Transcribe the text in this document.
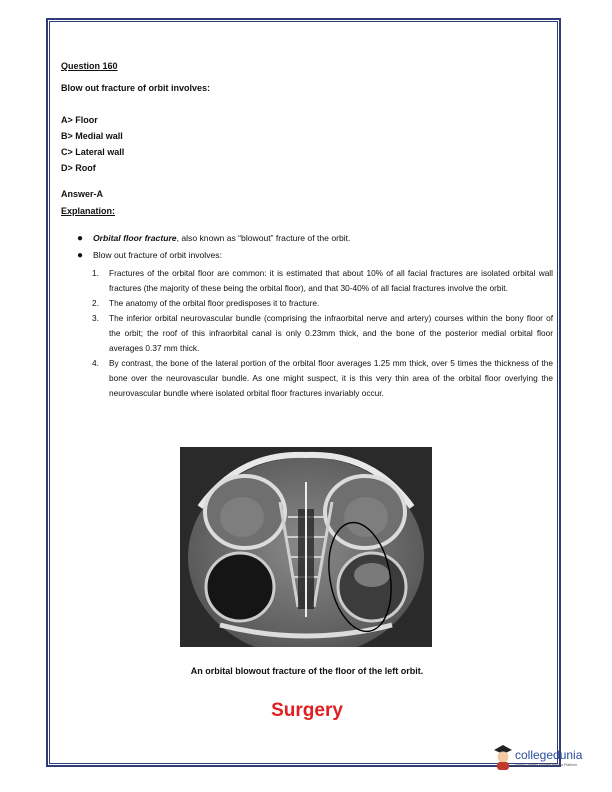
Question 160
Blow out fracture of orbit involves:
A> Floor
B> Medial wall
C> Lateral wall
D> Roof
Answer-A
Explanation:
● Orbital floor fracture, also known as “blowout” fracture of the orbit.
● Blow out fracture of orbit involves:
1. Fractures of the orbital floor are common: it is estimated that about 10% of all facial fractures are isolated orbital wall fractures (the majority of these being the orbital floor), and that 30-40% of all facial fractures involve the orbit.
2. The anatomy of the orbital floor predisposes it to fracture.
3. The inferior orbital neurovascular bundle (comprising the infraorbital nerve and artery) courses within the bony floor of the orbit; the roof of this infraorbital canal is only 0.23mm thick, and the bone of the posterior medial orbital floor averages 0.37 mm thick.
4. By contrast, the bone of the lateral portion of the orbital floor averages 1.25 mm thick, over 5 times the thickness of the bone over the neurovascular bundle. As one might suspect, it is this very thin area of the orbital floor overlying the neurovascular bundle where isolated orbital floor fractures invariably occur.
An orbital blowout fracture of the floor of the left orbit.
Surgery
collegedunia
India's Largest Student Review Platform
